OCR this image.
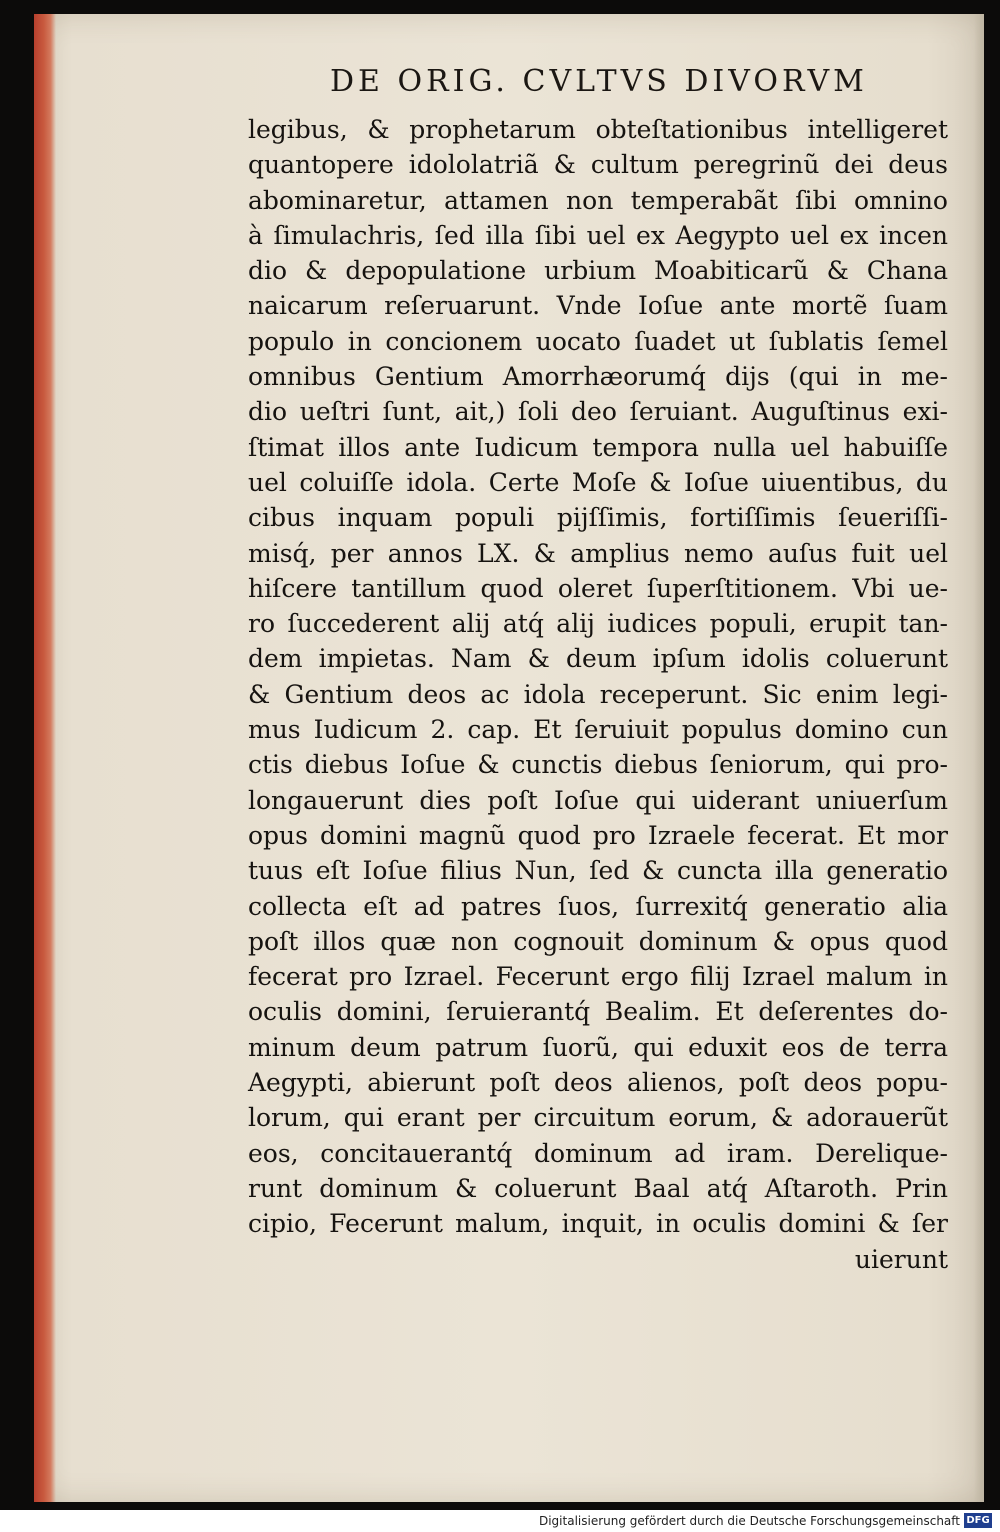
DE ORIG. CVLTVS DIVORVM
legibus, & prophetarum obteſtationibus intelligeret
quantopere idololatriã & cultum peregrinũ dei deus
abominaretur, attamen non temperabãt ſibi omnino
à ſimulachris, ſed illa ſibi uel ex Aegypto uel ex incen
dio & depopulatione urbium Moabiticarũ & Chana
naicarum reſeruarunt. Vnde Ioſue ante mortẽ ſuam
populo in concionem uocato ſuadet ut ſublatis ſemel
omnibus Gentium Amorrhæorumq́ dijs (qui in me-
dio ueſtri ſunt, ait,) ſoli deo ſeruiant. Auguſtinus exi-
ſtimat illos ante Iudicum tempora nulla uel habuiſſe
uel coluiſſe idola. Certe Moſe & Ioſue uiuentibus, du
cibus inquam populi pijſſimis, fortiſſimis ſeueriſſi-
misq́, per annos LX. & amplius nemo auſus fuit uel
hiſcere tantillum quod oleret ſuperſtitionem. Vbi ue-
ro ſuccederent alij atq́ alij iudices populi, erupit tan-
dem impietas. Nam & deum ipſum idolis coluerunt
& Gentium deos ac idola receperunt. Sic enim legi-
mus Iudicum 2. cap. Et ſeruiuit populus domino cun
ctis diebus Ioſue & cunctis diebus ſeniorum, qui pro-
longauerunt dies poſt Ioſue qui uiderant uniuerſum
opus domini magnũ quod pro Izraele fecerat. Et mor
tuus eſt Ioſue filius Nun, ſed & cuncta illa generatio
collecta eſt ad patres ſuos, ſurrexitq́ generatio alia
poſt illos quæ non cognouit dominum & opus quod
fecerat pro Izrael. Fecerunt ergo filij Izrael malum in
oculis domini, ſeruierantq́ Bealim. Et deſerentes do-
minum deum patrum ſuorũ, qui eduxit eos de terra
Aegypti, abierunt poſt deos alienos, poſt deos popu-
lorum, qui erant per circuitum eorum, & adorauerũt
eos, concitauerantq́ dominum ad iram. Derelique-
runt dominum & coluerunt Baal atq́ Aſtaroth. Prin
cipio, Fecerunt malum, inquit, in oculis domini & ſer
uierunt
Digitalisierung gefördert durch die Deutsche Forschungsgemeinschaft DFG
